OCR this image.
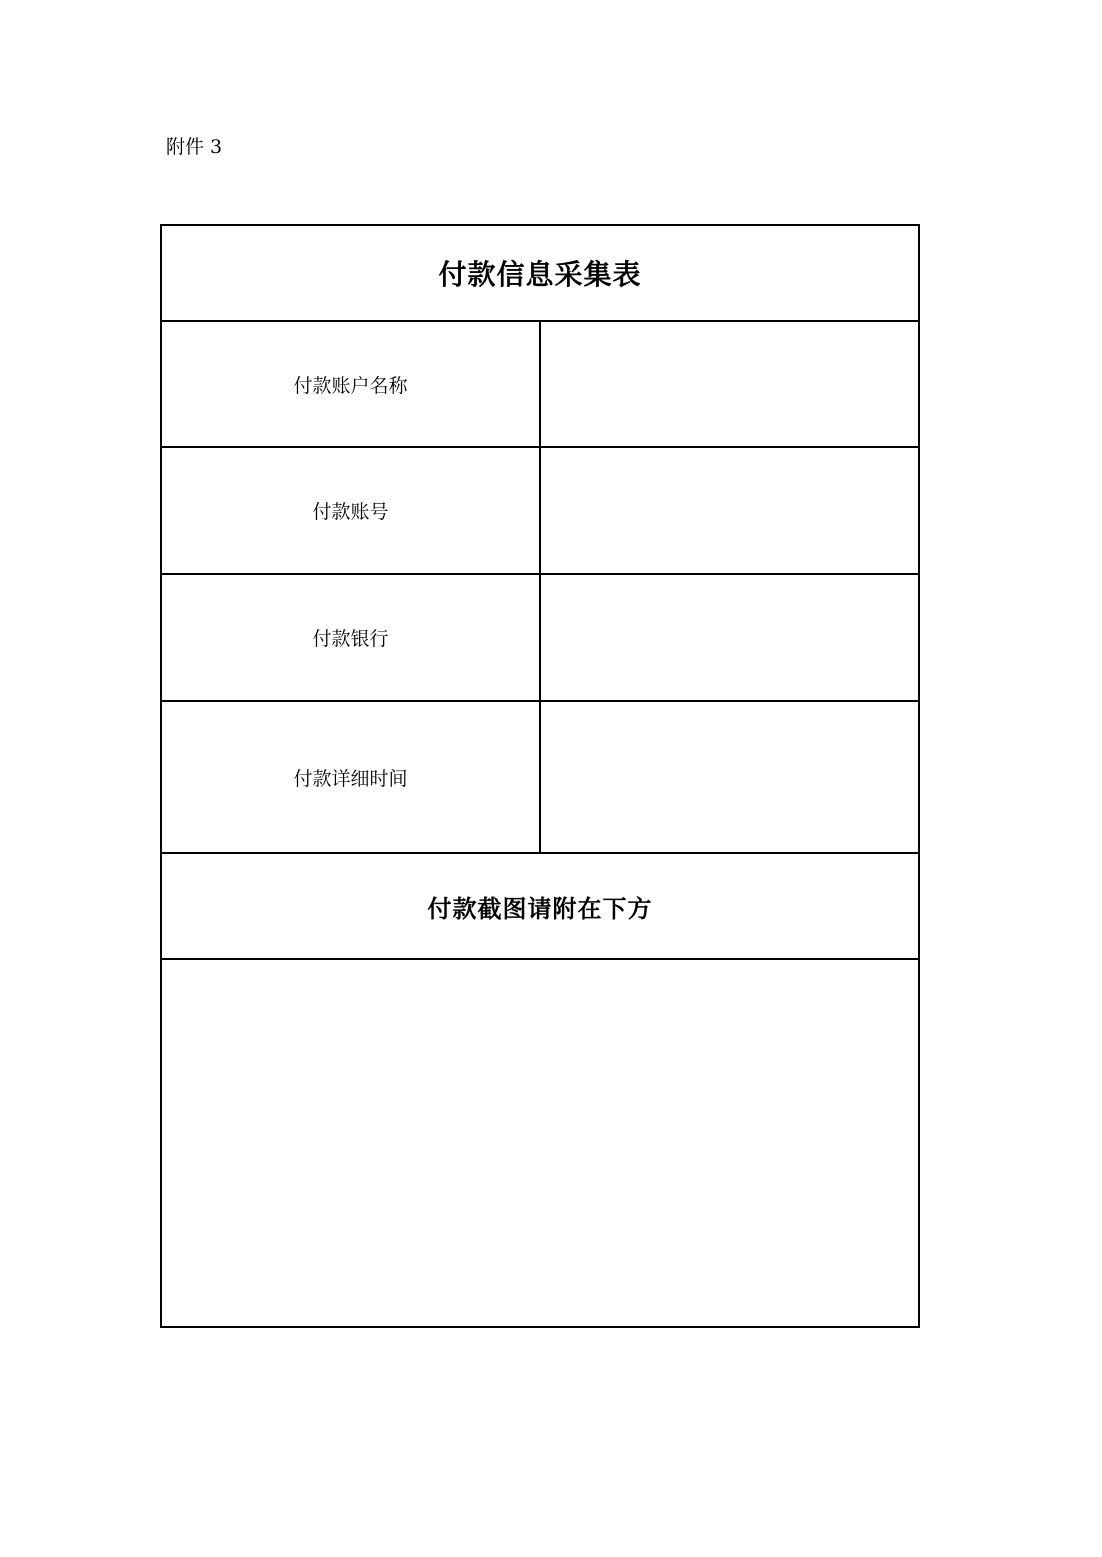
附件 3
付款信息采集表	
付款账户名称	
付款账号	
付款银行	
付款详细时间	
付款截图请附在下方	
